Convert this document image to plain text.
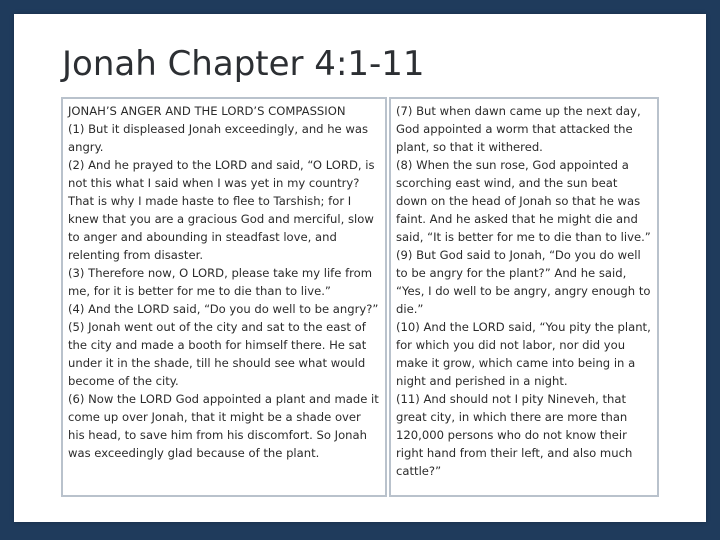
Jonah Chapter 4:1-11

JONAH’S ANGER AND THE LORD’S COMPASSION

(1) But it displeased Jonah exceedingly, and he was angry.

(2) And he prayed to the LORD and said, “O LORD, is not this what I said when I was yet in my country? That is why I made haste to flee to Tarshish; for I knew that you are a gracious God and merciful, slow to anger and abounding in steadfast love, and relenting from disaster.

(3) Therefore now, O LORD, please take my life from me, for it is better for me to die than to live.”

(4) And the LORD said, “Do you do well to be angry?”

(5) Jonah went out of the city and sat to the east of the city and made a booth for himself there. He sat under it in the shade, till he should see what would become of the city.

(6) Now the LORD God appointed a plant and made it come up over Jonah, that it might be a shade over his head, to save him from his discomfort. So Jonah was exceedingly glad because of the plant.

(7) But when dawn came up the next day, God appointed a worm that attacked the plant, so that it withered.

(8) When the sun rose, God appointed a scorching east wind, and the sun beat down on the head of Jonah so that he was faint. And he asked that he might die and said, “It is better for me to die than to live.”

(9) But God said to Jonah, “Do you do well to be angry for the plant?” And he said, “Yes, I do well to be angry, angry enough to die.”

(10) And the LORD said, “You pity the plant, for which you did not labor, nor did you make it grow, which came into being in a night and perished in a night.

(11) And should not I pity Nineveh, that great city, in which there are more than 120,000 persons who do not know their right hand from their left, and also much cattle?”
